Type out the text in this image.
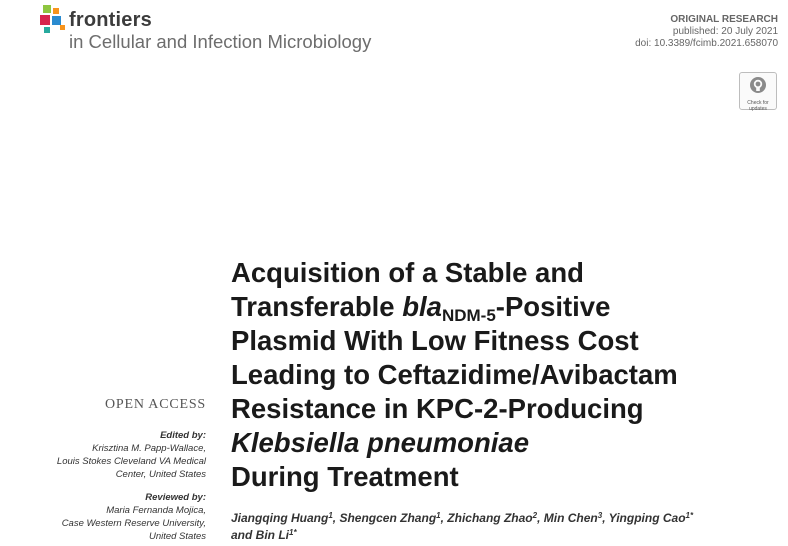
frontiers
in Cellular and Infection Microbiology
ORIGINAL RESEARCH
published: 20 July 2021
doi: 10.3389/fcimb.2021.658070
Check for
updates
Acquisition of a Stable and
Transferable bla$_{NDM-5}$-Positive
Plasmid With Low Fitness Cost
Leading to Ceftazidime/Avibactam
Resistance in KPC-2-Producing
Klebsiella pneumoniae
During Treatment
OPEN ACCESS
Edited by:
Krisztina M. Papp-Wallace,
Louis Stokes Cleveland VA Medical
Center, United States
Reviewed by:
Maria Fernanda Mojica,
Case Western Reserve University,
United States
Jiangqing Huang$^1$, Shengcen Zhang$^1$, Zhichang Zhao$^2$, Min Chen$^3$, Yingping Cao$^{1*}$
and Bin $Li^{1*}$
